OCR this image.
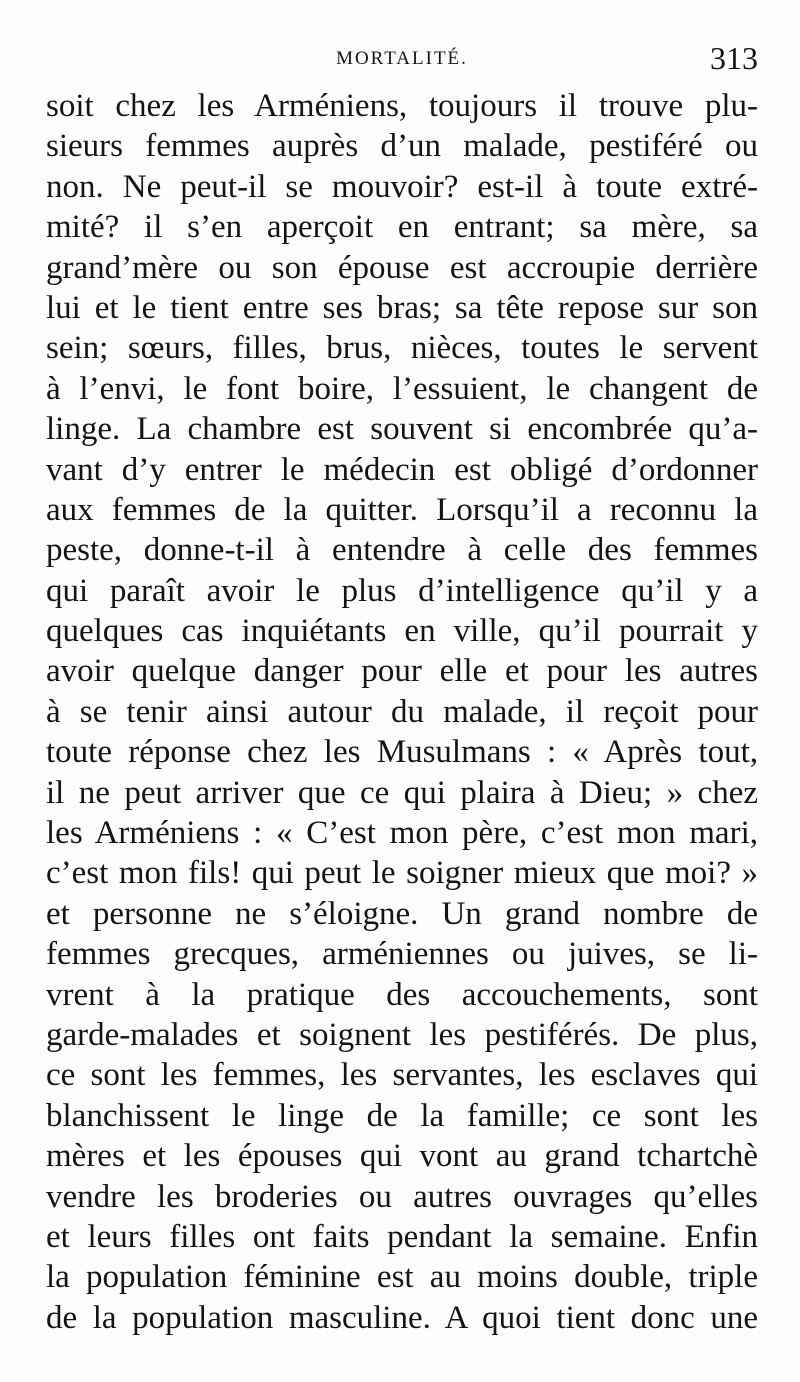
MORTALITÉ.	313
soit chez les Arméniens, toujours il trouve plu-
sieurs femmes auprès d’un malade, pestiféré ou
non. Ne peut-il se mouvoir? est-il à toute extré-
mité? il s’en aperçoit en entrant; sa mère, sa
grand’mère ou son épouse est accroupie derrière
lui et le tient entre ses bras; sa tête repose sur son
sein; sœurs, filles, brus, nièces, toutes le servent
à l’envi, le font boire, l’essuient, le changent de
linge. La chambre est souvent si encombrée qu’a-
vant d’y entrer le médecin est obligé d’ordonner
aux femmes de la quitter. Lorsqu’il a reconnu la
peste, donne-t-il à entendre à celle des femmes
qui paraît avoir le plus d’intelligence qu’il y a
quelques cas inquiétants en ville, qu’il pourrait y
avoir quelque danger pour elle et pour les autres
à se tenir ainsi autour du malade, il reçoit pour
toute réponse chez les Musulmans : « Après tout,
il ne peut arriver que ce qui plaira à Dieu; » chez
les Arméniens : « C’est mon père, c’est mon mari,
c’est mon fils! qui peut le soigner mieux que moi? »
et personne ne s’éloigne. Un grand nombre de
femmes grecques, arméniennes ou juives, se li-
vrent à la pratique des accouchements, sont
garde-malades et soignent les pestiférés. De plus,
ce sont les femmes, les servantes, les esclaves qui
blanchissent le linge de la famille; ce sont les
mères et les épouses qui vont au grand tchartchè
vendre les broderies ou autres ouvrages qu’elles
et leurs filles ont faits pendant la semaine. Enfin
la population féminine est au moins double, triple
de la population masculine. A quoi tient donc une
